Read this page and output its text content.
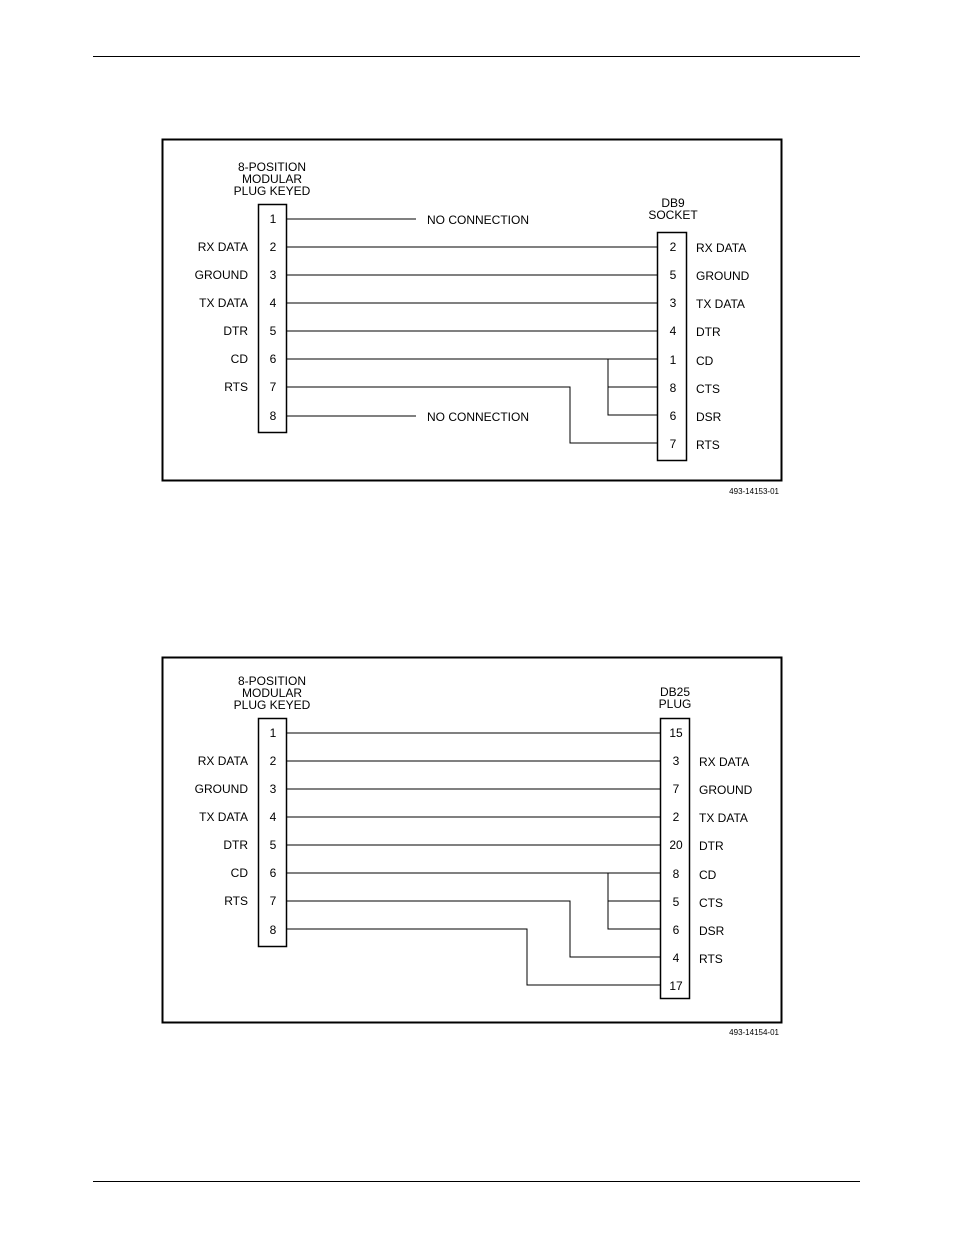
8-POSITION
MODULAR
PLUG KEYED
DB9
SOCKET
1
2
3
4
5
6
7
8
RX DATA
GROUND
TX DATA
DTR
CD
RTS
2
5
3
4
1
8
6
7
RX DATA
GROUND
TX DATA
DTR
CD
CTS
DSR
RTS
NO CONNECTION
NO CONNECTION
493-14153-01
8-POSITION
MODULAR
PLUG KEYED
DB25
PLUG
1
2
3
4
5
6
7
8
RX DATA
GROUND
TX DATA
DTR
CD
RTS
15
3
7
2
20
8
5
6
4
17
RX DATA
GROUND
TX DATA
DTR
CD
CTS
DSR
RTS
493-14154-01
